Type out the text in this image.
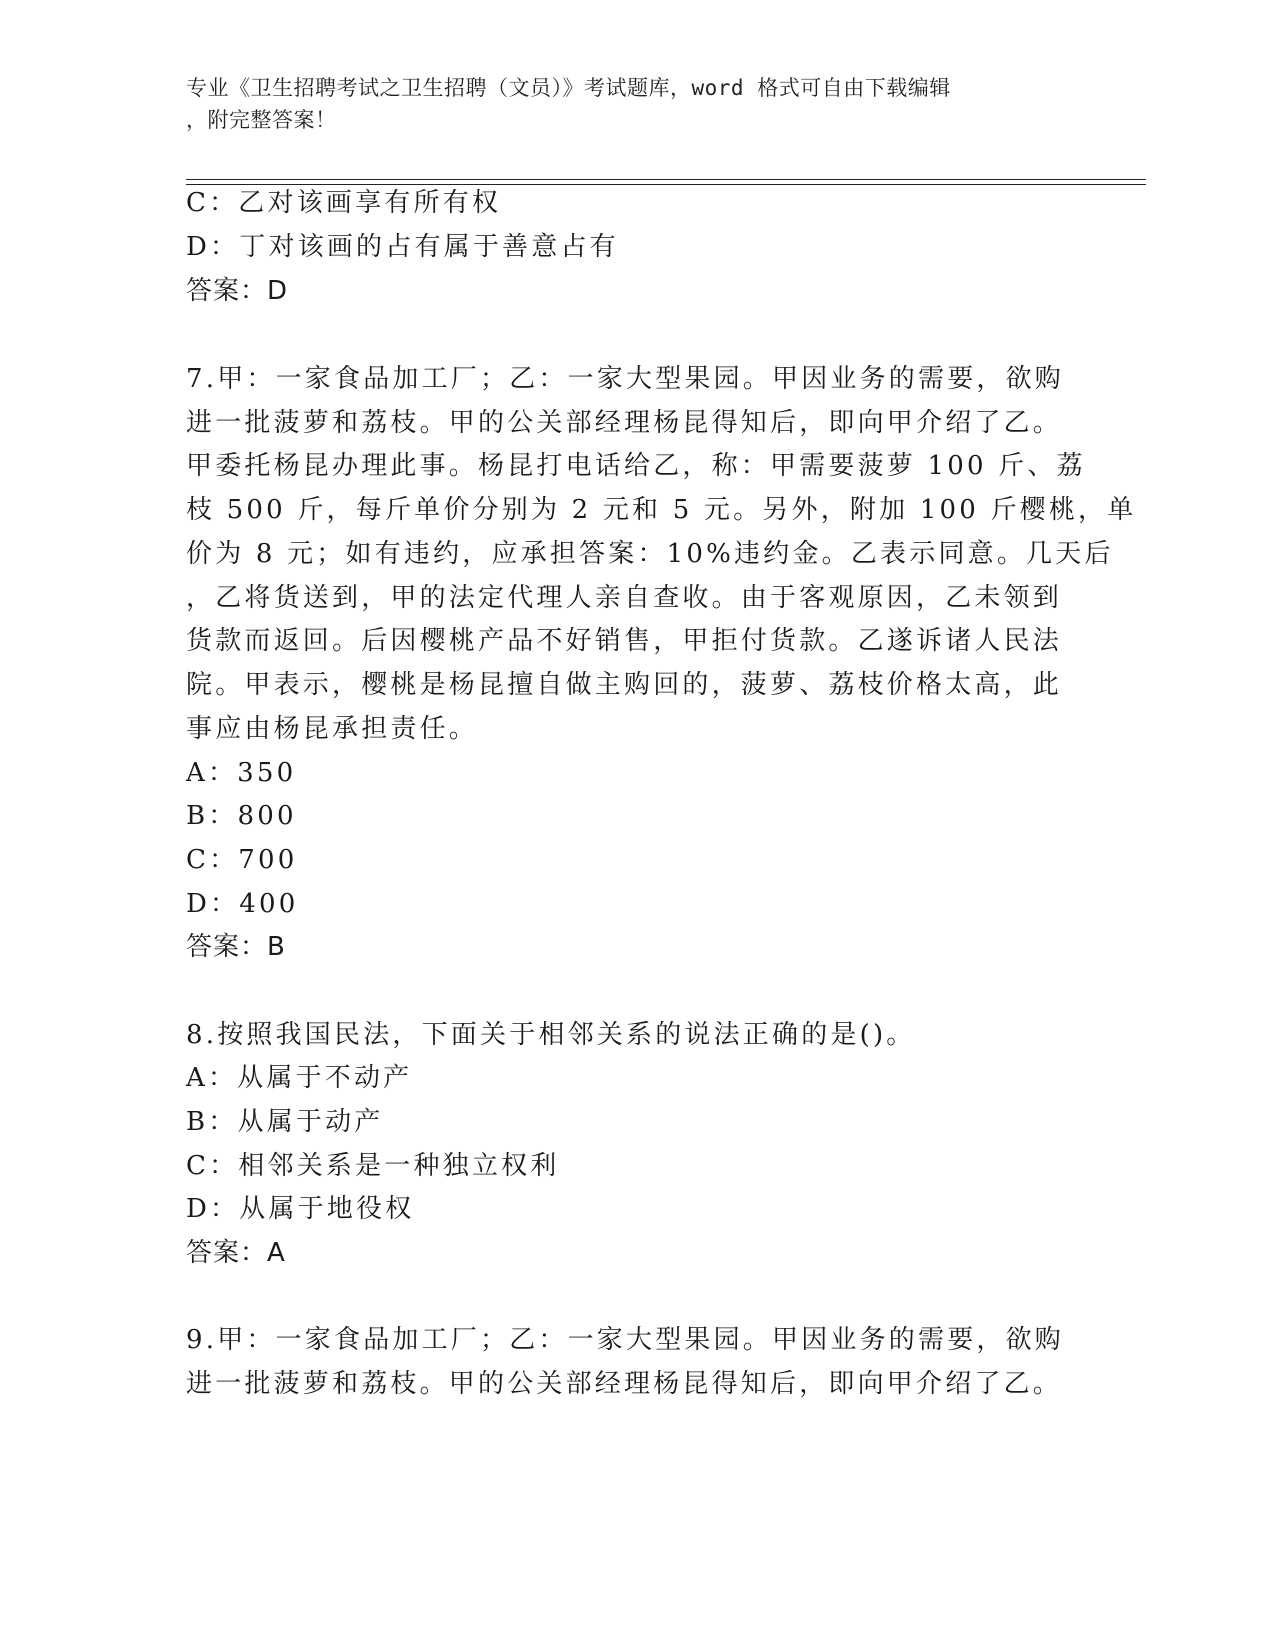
专业《卫生招聘考试之卫生招聘（文员）》考试题库，word 格式可自由下载编辑
，附完整答案！
C：乙对该画享有所有权
D：丁对该画的占有属于善意占有
答案：D
7.甲：一家食品加工厂；乙：一家大型果园。甲因业务的需要，欲购
进一批菠萝和荔枝。甲的公关部经理杨昆得知后，即向甲介绍了乙。
甲委托杨昆办理此事。杨昆打电话给乙，称：甲需要菠萝 100 斤、荔
枝 500 斤，每斤单价分别为 2 元和 5 元。另外，附加 100 斤樱桃，单
价为 8 元；如有违约，应承担答案：10%违约金。乙表示同意。几天后
，乙将货送到，甲的法定代理人亲自查收。由于客观原因，乙未领到
货款而返回。后因樱桃产品不好销售，甲拒付货款。乙遂诉诸人民法
院。甲表示，樱桃是杨昆擅自做主购回的，菠萝、荔枝价格太高，此
事应由杨昆承担责任。
A：350
B：800
C：700
D：400
答案：B
8.按照我国民法，下面关于相邻关系的说法正确的是()。
A：从属于不动产
B：从属于动产
C：相邻关系是一种独立权利
D：从属于地役权
答案：A
9.甲：一家食品加工厂；乙：一家大型果园。甲因业务的需要，欲购
进一批菠萝和荔枝。甲的公关部经理杨昆得知后，即向甲介绍了乙。
